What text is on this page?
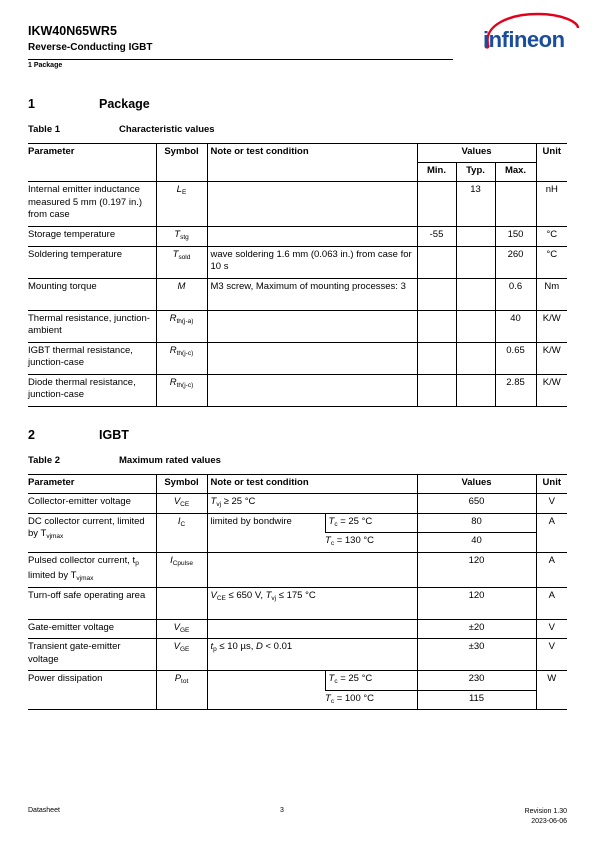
IKW40N65WR5
Reverse-Conducting IGBT
1 Package
infineon
1	Package
Table 1	Characteristic values
Parameter	Symbol	Note or test condition	Values			Unit
			Min.	Typ.	Max.	
Internal emitter inductance measured 5 mm (0.197 in.) from case	$L_E$			13		nH
Storage temperature	$T_{stg}$		-55		150	°C
Soldering temperature	$T_{sold}$	wave soldering 1.6 mm (0.063 in.) from case for 10 s			260	°C
Mounting torque	M	M3 screw, Maximum of mounting processes: 3			0.6	Nm
Thermal resistance, junction-ambient	$R_{th(j-a)}$				40	K/W
IGBT thermal resistance, junction-case	$R_{th(j-c)}$				0.65	K/W
Diode thermal resistance, junction-case	$R_{th(j-c)}$				2.85	K/W
2	IGBT
Table 2	Maximum rated values
Parameter	Symbol	Note or test condition		Values	Unit
Collector-emitter voltage	$V_{CE}$	$T_{vj} \ge 25$ °C		650	V
DC collector current, limited by $T_{vjmax}$	$I_C$	limited by bondwire	$T_c = 25$ °C	80	A
			$T_c = 130$ °C	40	
Pulsed collector current, $t_p$ limited by $T_{vjmax}$	$I_{Cpulse}$			120	A
Turn-off safe operating area		$V_{CE} \le 650$ V, $T_{vj} \le 175$ °C		120	A
Gate-emitter voltage	$V_{GE}$			±20	V
Transient gate-emitter voltage	$V_{GE}$	$t_p \le 10$ µs, D < 0.01		±30	V
Power dissipation	$P_{tot}$		$T_c = 25$ °C	230	W
			$T_c = 100$ °C	115	
Datasheet	3	Revision 1.30
2023-06-06
